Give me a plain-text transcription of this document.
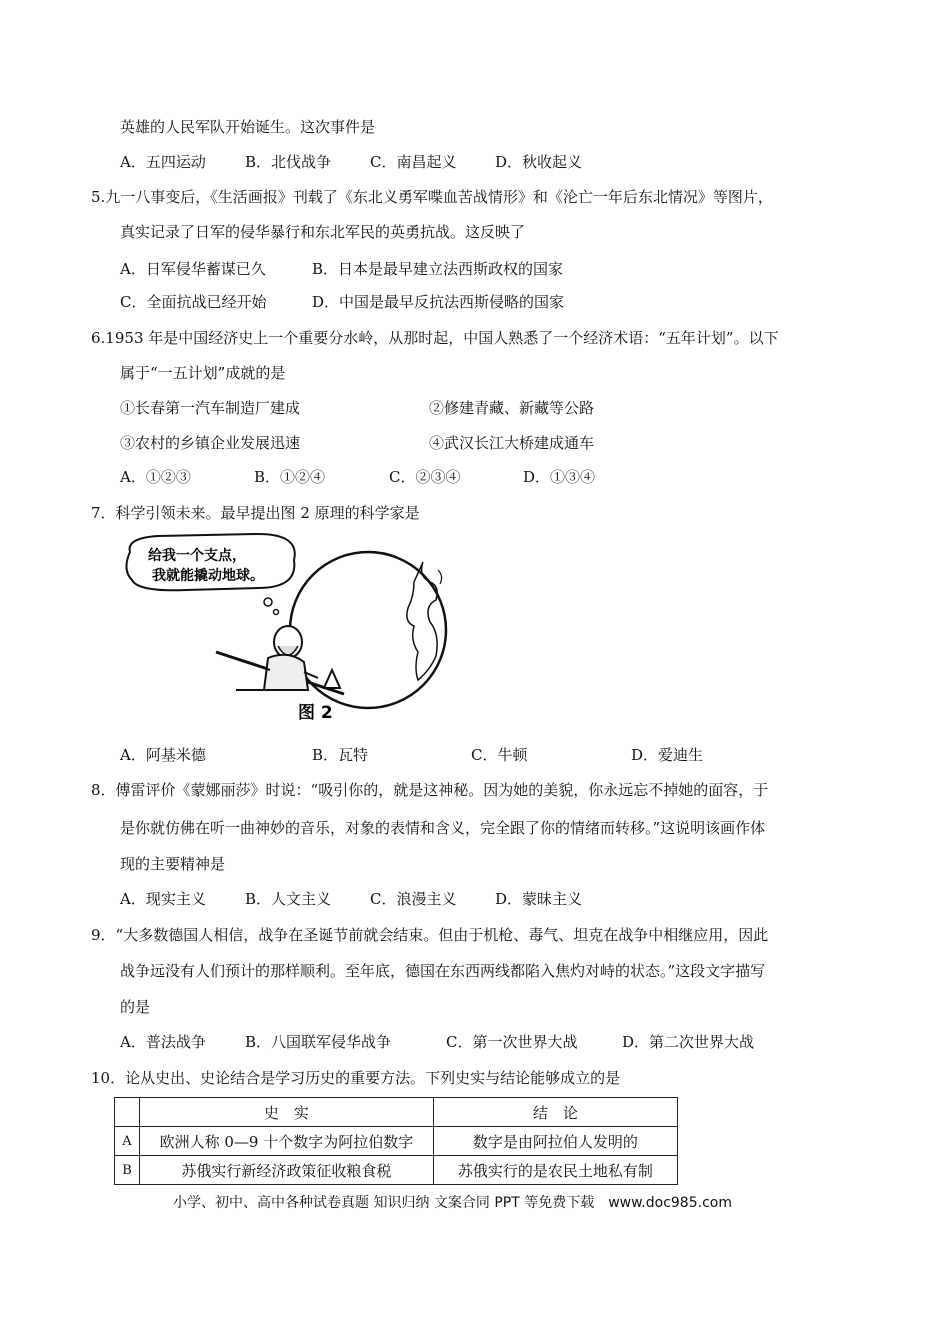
英雄的人民军队开始诞生。这次事件是
A．五四运动	B．北伐战争	C．南昌起义	D．秋收起义
5.九一八事变后，《生活画报》刊载了《东北义勇军喋血苦战情形》和《沦亡一年后东北情况》等图片，
真实记录了日军的侵华暴行和东北军民的英勇抗战。这反映了
A．日军侵华蓄谋已久	B．日本是最早建立法西斯政权的国家
C．全面抗战已经开始	D．中国是最早反抗法西斯侵略的国家
6.1953 年是中国经济史上一个重要分水岭，从那时起，中国人熟悉了一个经济术语：“五年计划”。以下
属于“一五计划”成就的是
①长春第一汽车制造厂建成	②修建青藏、新藏等公路
③农村的乡镇企业发展迅速	④武汉长江大桥建成通车
A．①②③	B．①②④	C．②③④	D．①③④
7．科学引领未来。最早提出图 2 原理的科学家是
给我一个支点，
我就能撬动地球。
图 2
A．阿基米德	B．瓦特	C．牛顿	D．爱迪生
8．傅雷评价《蒙娜丽莎》时说：“吸引你的，就是这神秘。因为她的美貌，你永远忘不掉她的面容，于
是你就仿佛在听一曲神妙的音乐，对象的表情和含义，完全跟了你的情绪而转移。”这说明该画作体
现的主要精神是
A．现实主义	B．人文主义	C．浪漫主义	D．蒙昧主义
9．“大多数德国人相信，战争在圣诞节前就会结束。但由于机枪、毒气、坦克在战争中相继应用，因此
战争远没有人们预计的那样顺利。至年底，德国在东西两线都陷入焦灼对峙的状态。”这段文字描写
的是
A．普法战争	B．八国联军侵华战争	C．第一次世界大战	D．第二次世界大战
10．论从史出、史论结合是学习历史的重要方法。下列史实与结论能够成立的是
	史　实	结　论
A	欧洲人称 0—9 十个数字为阿拉伯数字	数字是由阿拉伯人发明的
B	苏俄实行新经济政策征收粮食税	苏俄实行的是农民土地私有制
小学、初中、高中各种试卷真题 知识归纳 文案合同 PPT 等免费下载　www.doc985.com
